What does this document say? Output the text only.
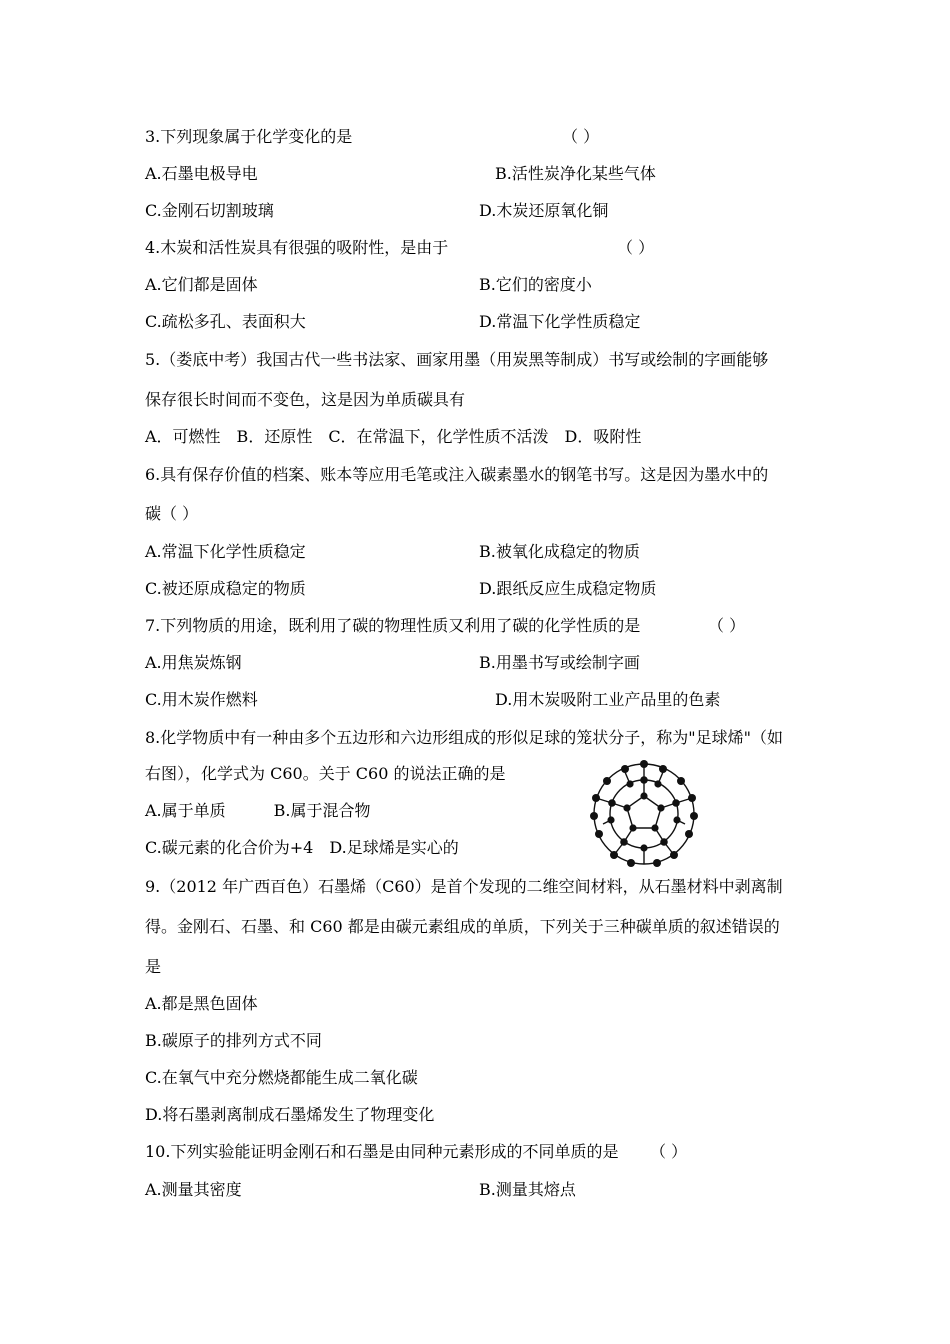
3.下列现象属于化学变化的是	（ ）
A.石墨电极导电	B.活性炭净化某些气体
C.金刚石切割玻璃	D.木炭还原氧化铜
4.木炭和活性炭具有很强的吸附性，是由于	（ ）
A.它们都是固体	B.它们的密度小
C.疏松多孔、表面积大	D.常温下化学性质稳定
5.（娄底中考）我国古代一些书法家、画家用墨（用炭黑等制成）书写或绘制的字画能够
保存很长时间而不变色，这是因为单质碳具有
A．可燃性　B．还原性　C．在常温下，化学性质不活泼　D．吸附性
6.具有保存价值的档案、账本等应用毛笔或注入碳素墨水的钢笔书写。这是因为墨水中的
碳（ ）
A.常温下化学性质稳定	B.被氧化成稳定的物质
C.被还原成稳定的物质	D.跟纸反应生成稳定物质
7.下列物质的用途，既利用了碳的物理性质又利用了碳的化学性质的是	（ ）
A.用焦炭炼钢	B.用墨书写或绘制字画
C.用木炭作燃料	D.用木炭吸附工业产品里的色素
8.化学物质中有一种由多个五边形和六边形组成的形似足球的笼状分子，称为"足球烯"（如
右图），化学式为 C60。关于 C60 的说法正确的是
A.属于单质　　　B.属于混合物
C.碳元素的化合价为+4　D.足球烯是实心的
9.（2012 年广西百色）石墨烯（C60）是首个发现的二维空间材料，从石墨材料中剥离制
得。金刚石、石墨、和 C60 都是由碳元素组成的单质，下列关于三种碳单质的叙述错误的
是
A.都是黑色固体
B.碳原子的排列方式不同
C.在氧气中充分燃烧都能生成二氧化碳
D.将石墨剥离制成石墨烯发生了物理变化
10.下列实验能证明金刚石和石墨是由同种元素形成的不同单质的是 （ ）
A.测量其密度	B.测量其熔点
